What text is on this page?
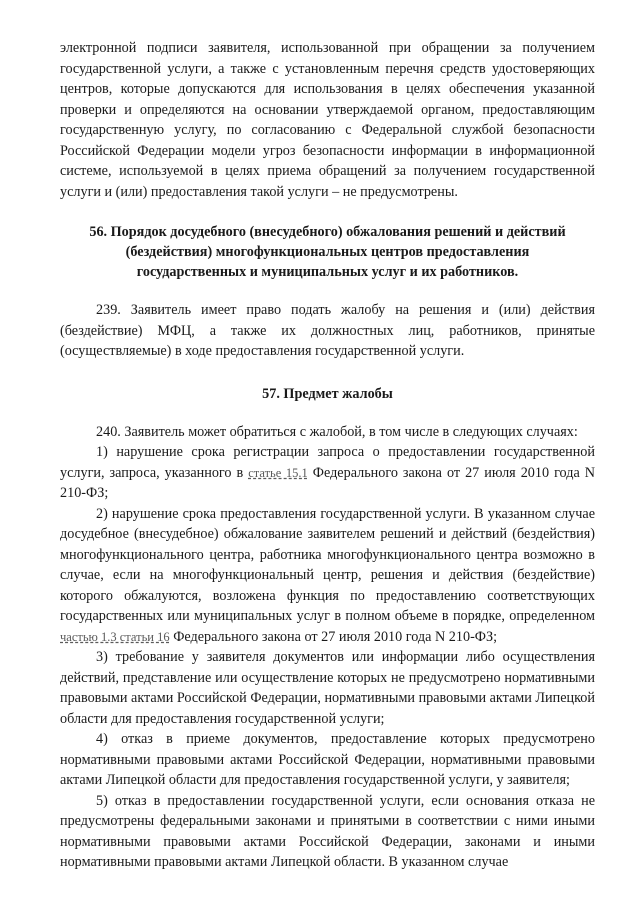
электронной подписи заявителя, использованной при обращении за получением государственной услуги, а также с установленным перечня средств удостоверяющих центров, которые допускаются для использования в целях обеспечения указанной проверки и определяются на основании утверждаемой органом, предоставляющим государственную услугу, по согласованию с Федеральной службой безопасности Российской Федерации модели угроз безопасности информации в информационной системе, используемой в целях приема обращений за получением государственной услуги и (или) предоставления такой услуги – не предусмотрены.

56. Порядок досудебного (внесудебного) обжалования решений и действий (бездействия) многофункциональных центров предоставления государственных и муниципальных услуг и их работников.

239. Заявитель имеет право подать жалобу на решения и (или) действия (бездействие) МФЦ, а также их должностных лиц, работников, принятые (осуществляемые) в ходе предоставления государственной услуги.

57. Предмет жалобы

240. Заявитель может обратиться с жалобой, в том числе в следующих случаях:

1) нарушение срока регистрации запроса о предоставлении государственной услуги, запроса, указанного в статье 15.1 Федерального закона от 27 июля 2010 года N 210-ФЗ;

2) нарушение срока предоставления государственной услуги. В указанном случае досудебное (внесудебное) обжалование заявителем решений и действий (бездействия) многофункционального центра, работника многофункционального центра возможно в случае, если на многофункциональный центр, решения и действия (бездействие) которого обжалуются, возложена функция по предоставлению соответствующих государственных или муниципальных услуг в полном объеме в порядке, определенном частью 1.3 статьи 16 Федерального закона от 27 июля 2010 года N 210-ФЗ;

3) требование у заявителя документов или информации либо осуществления действий, представление или осуществление которых не предусмотрено нормативными правовыми актами Российской Федерации, нормативными правовыми актами Липецкой области для предоставления государственной услуги;

4) отказ в приеме документов, предоставление которых предусмотрено нормативными правовыми актами Российской Федерации, нормативными правовыми актами Липецкой области для предоставления государственной услуги, у заявителя;

5) отказ в предоставлении государственной услуги, если основания отказа не предусмотрены федеральными законами и принятыми в соответствии с ними иными нормативными правовыми актами Российской Федерации, законами и иными нормативными правовыми актами Липецкой области. В указанном случае
